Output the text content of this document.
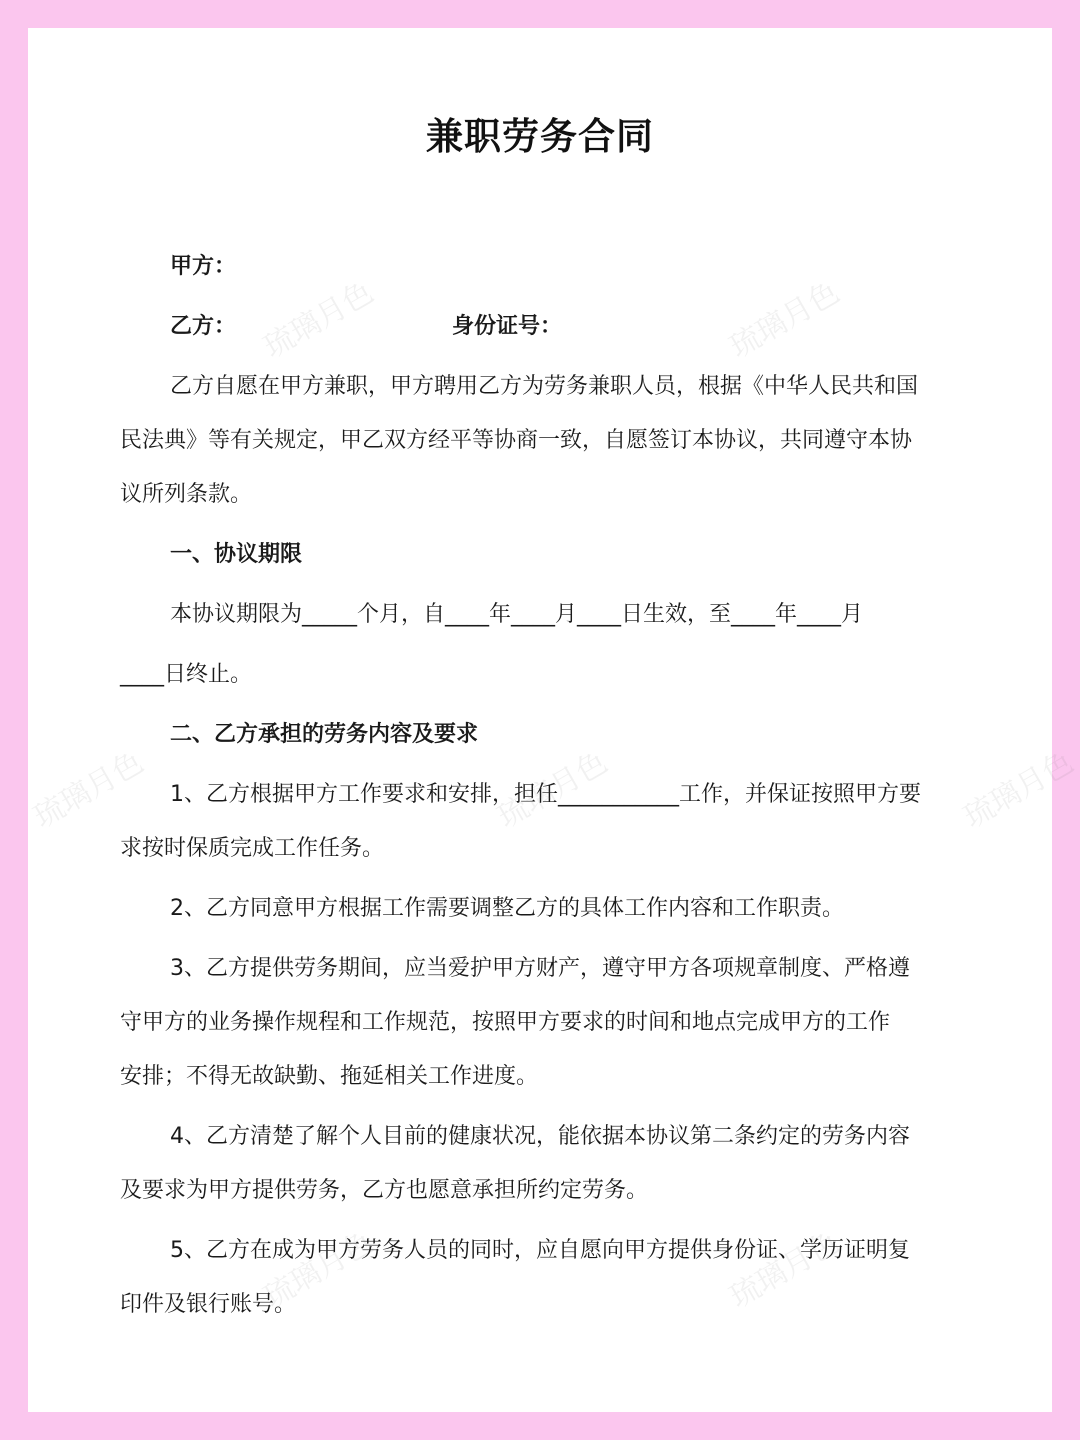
兼职劳务合同
甲方：
乙方：	身份证号：
乙方自愿在甲方兼职，甲方聘用乙方为劳务兼职人员，根据《中华人民共和国
民法典》等有关规定，甲乙双方经平等协商一致，自愿签订本协议，共同遵守本协
议所列条款。
一、协议期限
本协议期限为_____个月，自____年____月____日生效，至____年____月
____日终止。
二、乙方承担的劳务内容及要求
1、乙方根据甲方工作要求和安排，担任___________工作，并保证按照甲方要
求按时保质完成工作任务。
2、乙方同意甲方根据工作需要调整乙方的具体工作内容和工作职责。
3、乙方提供劳务期间，应当爱护甲方财产，遵守甲方各项规章制度、严格遵
守甲方的业务操作规程和工作规范，按照甲方要求的时间和地点完成甲方的工作
安排；不得无故缺勤、拖延相关工作进度。
4、乙方清楚了解个人目前的健康状况，能依据本协议第二条约定的劳务内容
及要求为甲方提供劳务，乙方也愿意承担所约定劳务。
5、乙方在成为甲方劳务人员的同时，应自愿向甲方提供身份证、学历证明复
印件及银行账号。
琉璃月色	琉璃月色
琉璃月色	琉璃月色	琉璃月色
琉璃月色	琉璃月色
